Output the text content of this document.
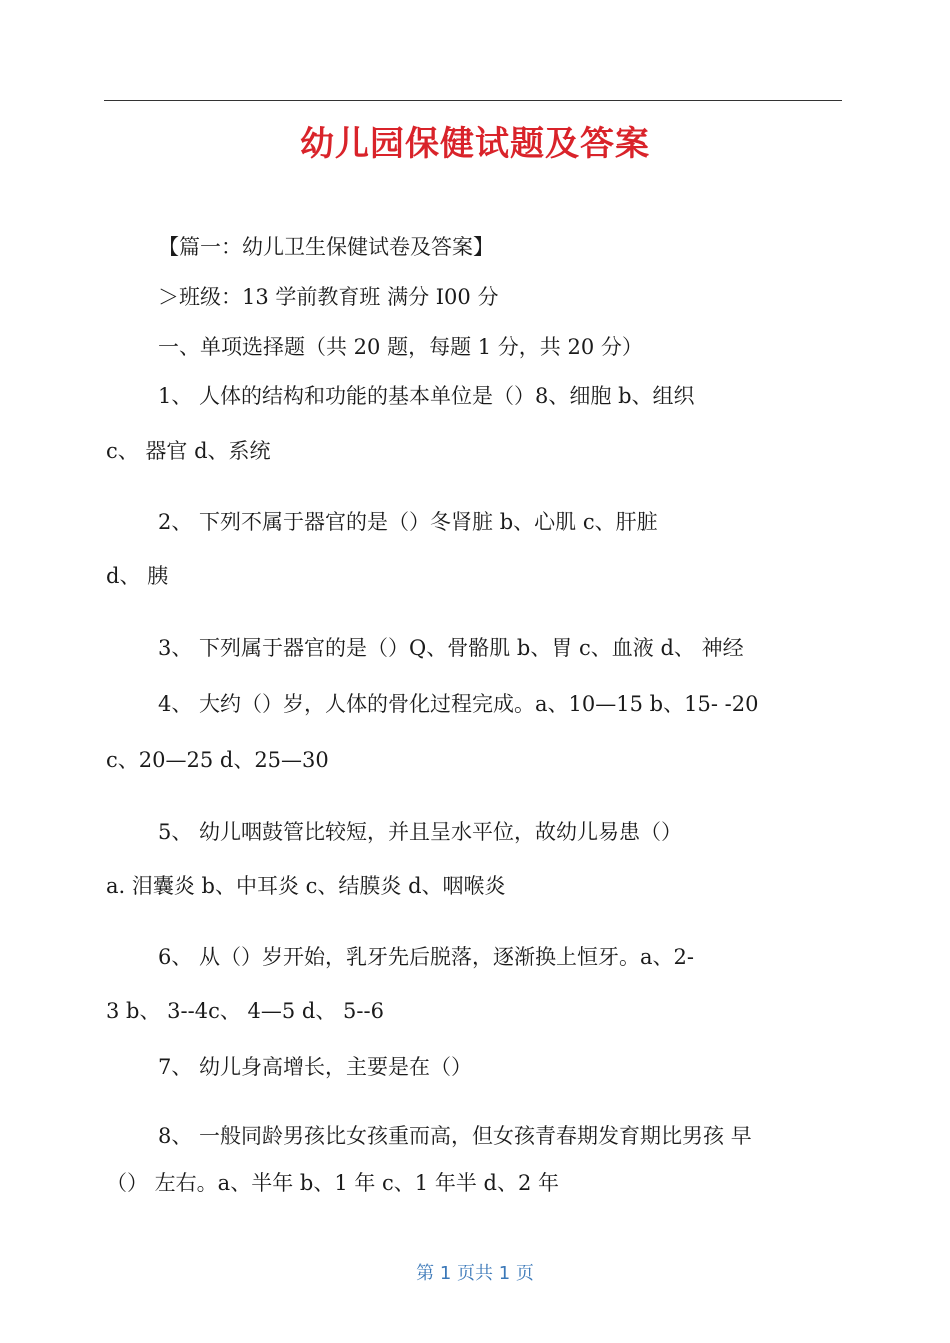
幼儿园保健试题及答案
【篇一：幼儿卫生保健试卷及答案】
＞班级：13 学前教育班 满分 I00 分
一、单项选择题（共 20 题，每题 1 分，共 20 分）
1、 人体的结构和功能的基本单位是（）8、细胞 b、组织
c、 器官 d、系统
2、 下列不属于器官的是（）冬肾脏 b、心肌 c、肝脏
d、 胰
3、 下列属于器官的是（）Q、骨骼肌 b、胃 c、血液 d、 神经
4、 大约（）岁，人体的骨化过程完成。a、10—15 b、15- -20
c、20—25 d、25—30
5、 幼儿咽鼓管比较短，并且呈水平位，故幼儿易患（）
a. 泪囊炎 b、中耳炎 c、结膜炎 d、咽喉炎
6、 从（）岁开始，乳牙先后脱落，逐渐换上恒牙。a、2-
3 b、 3--4c、 4—5 d、 5--6
7、 幼儿身高增长，主要是在（）
8、 一般同龄男孩比女孩重而高，但女孩青春期发育期比男孩 早
（） 左右。a、半年 b、1 年 c、1 年半 d、2 年
第 1 页共 1 页
